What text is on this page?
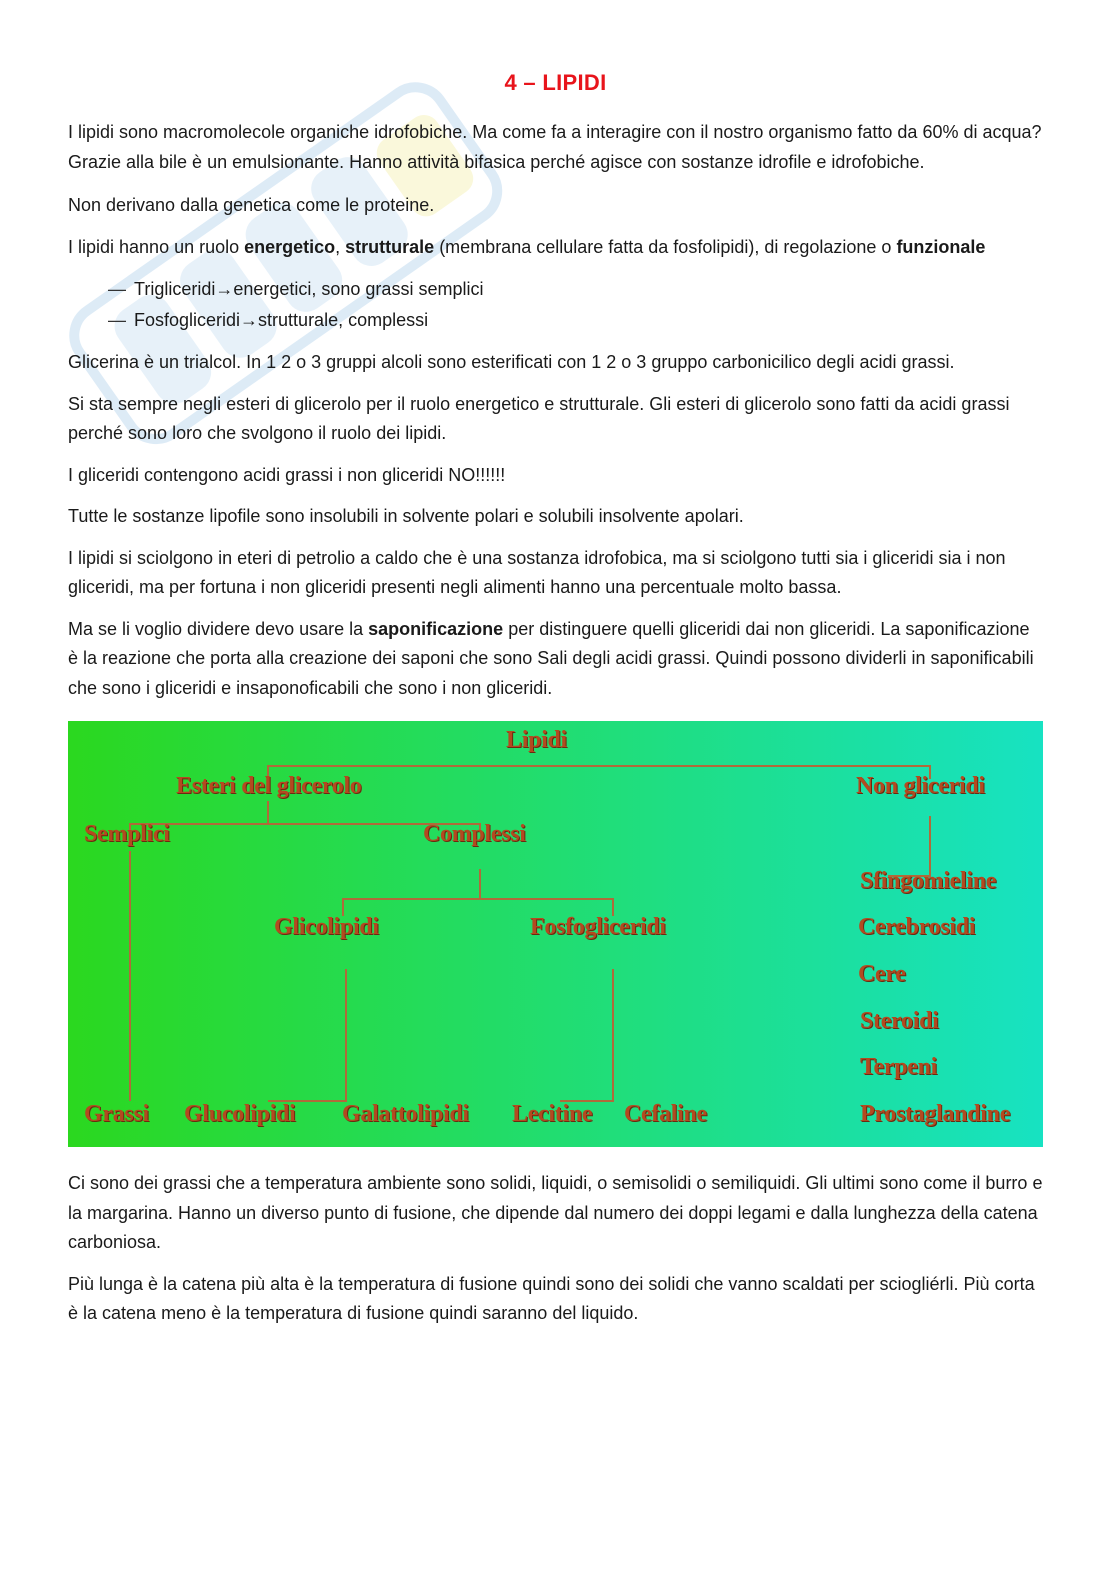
4 – LIPIDI

I lipidi sono macromolecole organiche idrofobiche. Ma come fa a interagire con il nostro organismo fatto da 60% di acqua? Grazie alla bile è un emulsionante. Hanno attività bifasica perché agisce con sostanze idrofile e idrofobiche.

Non derivano dalla genetica come le proteine.

I lipidi hanno un ruolo energetico, strutturale (membrana cellulare fatta da fosfolipidi), di regolazione o funzionale

— Trigliceridi→energetici, sono grassi semplici
— Fosfogliceridi→strutturale, complessi

Glicerina è un trialcol. In 1 2 o 3 gruppi alcoli sono esterificati con 1 2 o 3 gruppo carbonicilico degli acidi grassi.

Si sta sempre negli esteri di glicerolo per il ruolo energetico e strutturale. Gli esteri di glicerolo sono fatti da acidi grassi perché sono loro che svolgono il ruolo dei lipidi.

I gliceridi contengono acidi grassi i non gliceridi NO!!!!!!

Tutte le sostanze lipofile sono insolubili in solvente polari e solubili insolvente apolari.

I lipidi si sciolgono in eteri di petrolio a caldo che è una sostanza idrofobica, ma si sciolgono tutti sia i gliceridi sia i non gliceridi, ma per fortuna i non gliceridi presenti negli alimenti hanno una percentuale molto bassa.

Ma se li voglio dividere devo usare la saponificazione per distinguere quelli gliceridi dai non gliceridi. La saponificazione è la reazione che porta alla creazione dei saponi che sono Sali degli acidi grassi. Quindi possono dividerli in saponificabili che sono i gliceridi e insaponoficabili che sono i non gliceridi.

Lipidi
Esteri del glicerolo	Non gliceridi
Semplici	Complessi
Glicolipidi	Fosfogliceridi
Grassi Glucolipidi Galattolipidi Lecitine Cefaline
Sfingomieline
Cerebrosidi
Cere
Steroidi
Terpeni
Prostaglandine

Ci sono dei grassi che a temperatura ambiente sono solidi, liquidi, o semisolidi o semiliquidi. Gli ultimi sono come il burro e la margarina. Hanno un diverso punto di fusione, che dipende dal numero dei doppi legami e dalla lunghezza della catena carboniosa.

Più lunga è la catena più alta è la temperatura di fusione quindi sono dei solidi che vanno scaldati per sciogliérli. Più corta è la catena meno è la temperatura di fusione quindi saranno del liquido.
